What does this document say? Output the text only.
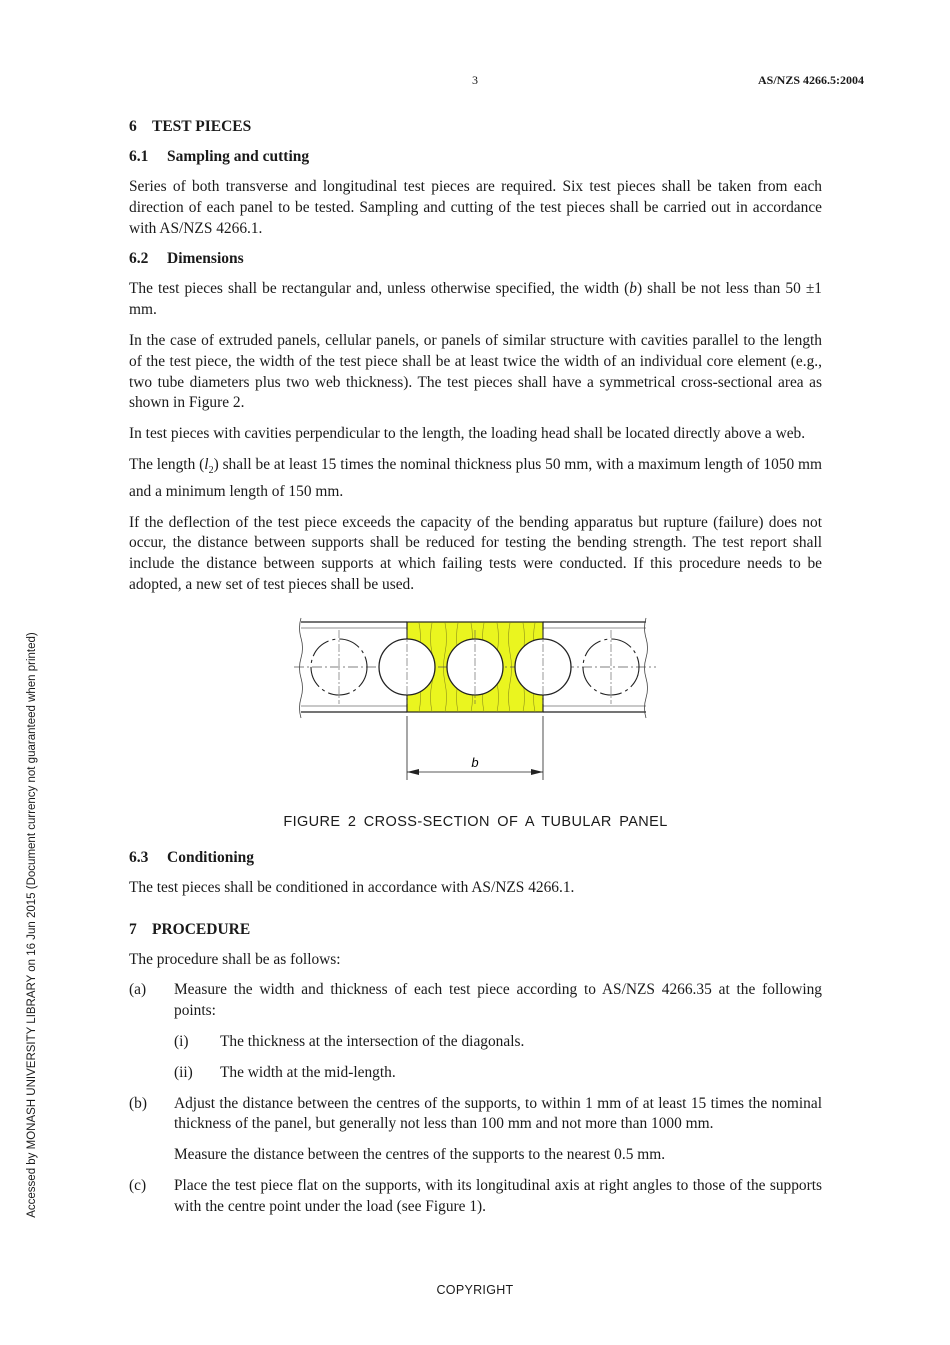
3	AS/NZS 4266.5:2004
Accessed by MONASH UNIVERSITY LIBRARY on 16 Jun 2015 (Document currency not guaranteed when printed)
6 TEST PIECES
6.1 Sampling and cutting

Series of both transverse and longitudinal test pieces are required. Six test pieces shall be taken from each direction of each panel to be tested. Sampling and cutting of the test pieces shall be carried out in accordance with AS/NZS 4266.1.

6.2 Dimensions

The test pieces shall be rectangular and, unless otherwise specified, the width (b) shall be not less than 50 ±1 mm.

In the case of extruded panels, cellular panels, or panels of similar structure with cavities parallel to the length of the test piece, the width of the test piece shall be at least twice the width of an individual core element (e.g., two tube diameters plus two web thickness). The test pieces shall have a symmetrical cross-sectional area as shown in Figure 2.

In test pieces with cavities perpendicular to the length, the loading head shall be located directly above a web.

The length $(l_2)$ shall be at least 15 times the nominal thickness plus 50 mm, with a maximum length of 1050 mm and a minimum length of 150 mm.

If the deflection of the test piece exceeds the capacity of the bending apparatus but rupture (failure) does not occur, the distance between supports shall be reduced for testing the bending strength. The test report shall include the distance between supports at which failing tests were conducted. If this procedure needs to be adopted, a new set of test pieces shall be used.

b
FIGURE 2 CROSS-SECTION OF A TUBULAR PANEL
6.3 Conditioning

The test pieces shall be conditioned in accordance with AS/NZS 4266.1.

7 PROCEDURE

The procedure shall be as follows:

(a) Measure the width and thickness of each test piece according to AS/NZS 4266.35 at the following points:
(i) The thickness at the intersection of the diagonals.
(ii) The width at the mid-length.
(b) Adjust the distance between the centres of the supports, to within 1 mm of at least 15 times the nominal thickness of the panel, but generally not less than 100 mm and not more than 1000 mm.
Measure the distance between the centres of the supports to the nearest 0.5 mm.
(c) Place the test piece flat on the supports, with its longitudinal axis at right angles to those of the supports with the centre point under the load (see Figure 1).
COPYRIGHT
